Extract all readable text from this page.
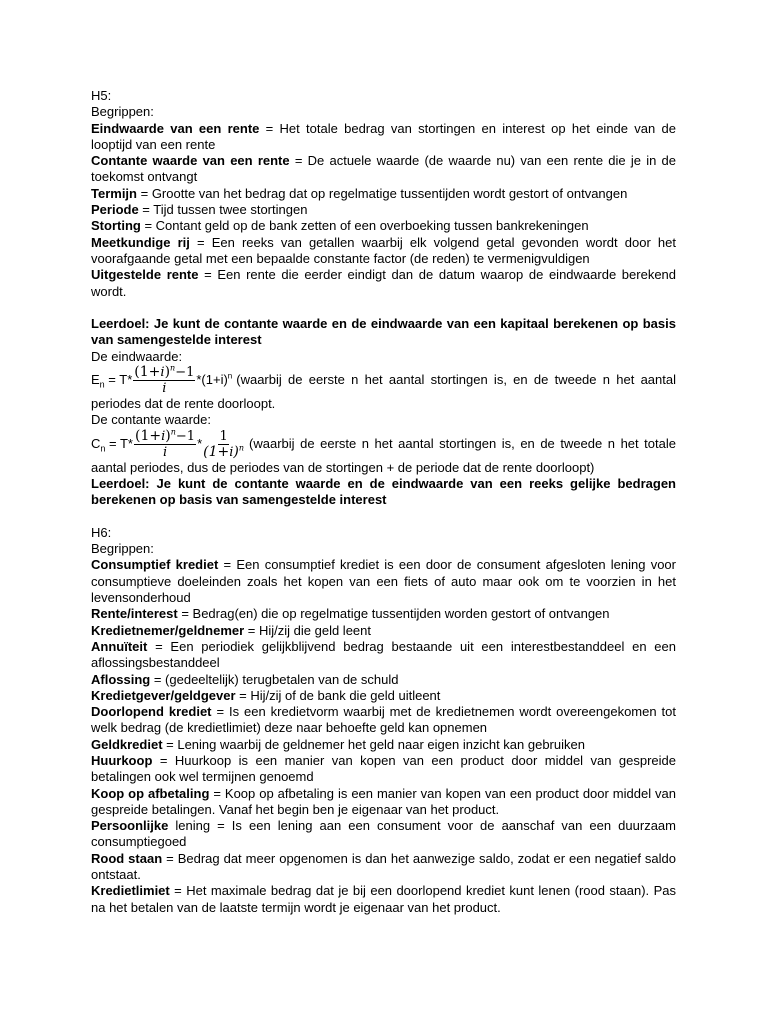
H5:

Begrippen:

Eindwaarde van een rente = Het totale bedrag van stortingen en interest op het einde van de looptijd van een rente

Contante waarde van een rente = De actuele waarde (de waarde nu) van een rente die je in de toekomst ontvangt

Termijn = Grootte van het bedrag dat op regelmatige tussentijden wordt gestort of ontvangen

Periode = Tijd tussen twee stortingen

Storting = Contant geld op de bank zetten of een overboeking tussen bankrekeningen

Meetkundige rij = Een reeks van getallen waarbij elk volgend getal gevonden wordt door het voorafgaande getal met een bepaalde constante factor (de reden) te vermenigvuldigen

Uitgestelde rente = Een rente die eerder eindigt dan de datum waarop de eindwaarde berekend wordt.

Leerdoel: Je kunt de contante waarde en de eindwaarde van een kapitaal berekenen op basis van samengestelde interest

De eindwaarde:

$E_n = T* \frac{(1+i)^n-1}{i} *(1+i)^n$ (waarbij de eerste n het aantal stortingen is, en de tweede n het aantal

periodes dat de rente doorloopt.

De contante waarde:

$C_n = T* \frac{(1+i)^n-1}{i} * \frac{1}{(1+i)^n}$ (waarbij de eerste n het aantal stortingen is, en de tweede n het totale

aantal periodes, dus de periodes van de stortingen + de periode dat de rente doorloopt)

Leerdoel: Je kunt de contante waarde en de eindwaarde van een reeks gelijke bedragen berekenen op basis van samengestelde interest

H6:

Begrippen:

Consumptief krediet = Een consumptief krediet is een door de consument afgesloten lening voor consumptieve doeleinden zoals het kopen van een fiets of auto maar ook om te voorzien in het levensonderhoud

Rente/interest = Bedrag(en) die op regelmatige tussentijden worden gestort of ontvangen

Kredietnemer/geldnemer = Hij/zij die geld leent

Annuïteit = Een periodiek gelijkblijvend bedrag bestaande uit een interestbestanddeel en een aflossingsbestanddeel

Aflossing = (gedeeltelijk) terugbetalen van de schuld

Kredietgever/geldgever = Hij/zij of de bank die geld uitleent

Doorlopend krediet = Is een kredietvorm waarbij met de kredietnemen wordt overeengekomen tot welk bedrag (de kredietlimiet) deze naar behoefte geld kan opnemen

Geldkrediet = Lening waarbij de geldnemer het geld naar eigen inzicht kan gebruiken

Huurkoop = Huurkoop is een manier van kopen van een product door middel van gespreide betalingen ook wel termijnen genoemd

Koop op afbetaling = Koop op afbetaling is een manier van kopen van een product door middel van gespreide betalingen. Vanaf het begin ben je eigenaar van het product.

Persoonlijke lening = Is een lening aan een consument voor de aanschaf van een duurzaam consumptiegoed

Rood staan = Bedrag dat meer opgenomen is dan het aanwezige saldo, zodat er een negatief saldo ontstaat.

Kredietlimiet = Het maximale bedrag dat je bij een doorlopend krediet kunt lenen (rood staan). Pas na het betalen van de laatste termijn wordt je eigenaar van het product.
